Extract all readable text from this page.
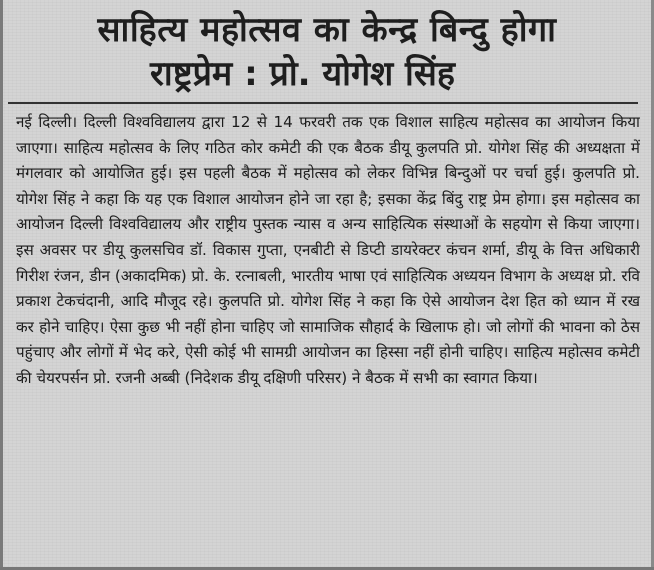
साहित्य महोत्सव का केन्द्र बिन्दु होगा
राष्ट्रप्रेम : प्रो. योगेश सिंह

नई दिल्ली। दिल्ली विश्वविद्यालय द्वारा 12 से 14 फरवरी तक एक विशाल साहित्य महोत्सव का आयोजन किया जाएगा। साहित्य महोत्सव के लिए गठित कोर कमेटी की एक बैठक डीयू कुलपति प्रो. योगेश सिंह की अध्यक्षता में मंगलवार को आयोजित हुई। इस पहली बैठक में महोत्सव को लेकर विभिन्न बिन्दुओं पर चर्चा हुई। कुलपति प्रो. योगेश सिंह ने कहा कि यह एक विशाल आयोजन होने जा रहा है; इसका केंद्र बिंदु राष्ट्र प्रेम होगा। इस महोत्सव का आयोजन दिल्ली विश्वविद्यालय और राष्ट्रीय पुस्तक न्यास व अन्य साहित्यिक संस्थाओं के सहयोग से किया जाएगा। इस अवसर पर डीयू कुलसचिव डॉ. विकास गुप्ता, एनबीटी से डिप्टी डायरेक्टर कंचन शर्मा, डीयू के वित्त अधिकारी गिरीश रंजन, डीन (अकादमिक) प्रो. के. रत्नाबली, भारतीय भाषा एवं साहित्यिक अध्ययन विभाग के अध्यक्ष प्रो. रवि प्रकाश टेकचंदानी, आदि मौजूद रहे। कुलपति प्रो. योगेश सिंह ने कहा कि ऐसे आयोजन देश हित को ध्यान में रख कर होने चाहिए। ऐसा कुछ भी नहीं होना चाहिए जो सामाजिक सौहार्द के खिलाफ हो। जो लोगों की भावना को ठेस पहुंचाए और लोगों में भेद करे, ऐसी कोई भी सामग्री आयोजन का हिस्सा नहीं होनी चाहिए। साहित्य महोत्सव कमेटी की चेयरपर्सन प्रो. रजनी अब्बी (निदेशक डीयू दक्षिणी परिसर) ने बैठक में सभी का स्वागत किया।
